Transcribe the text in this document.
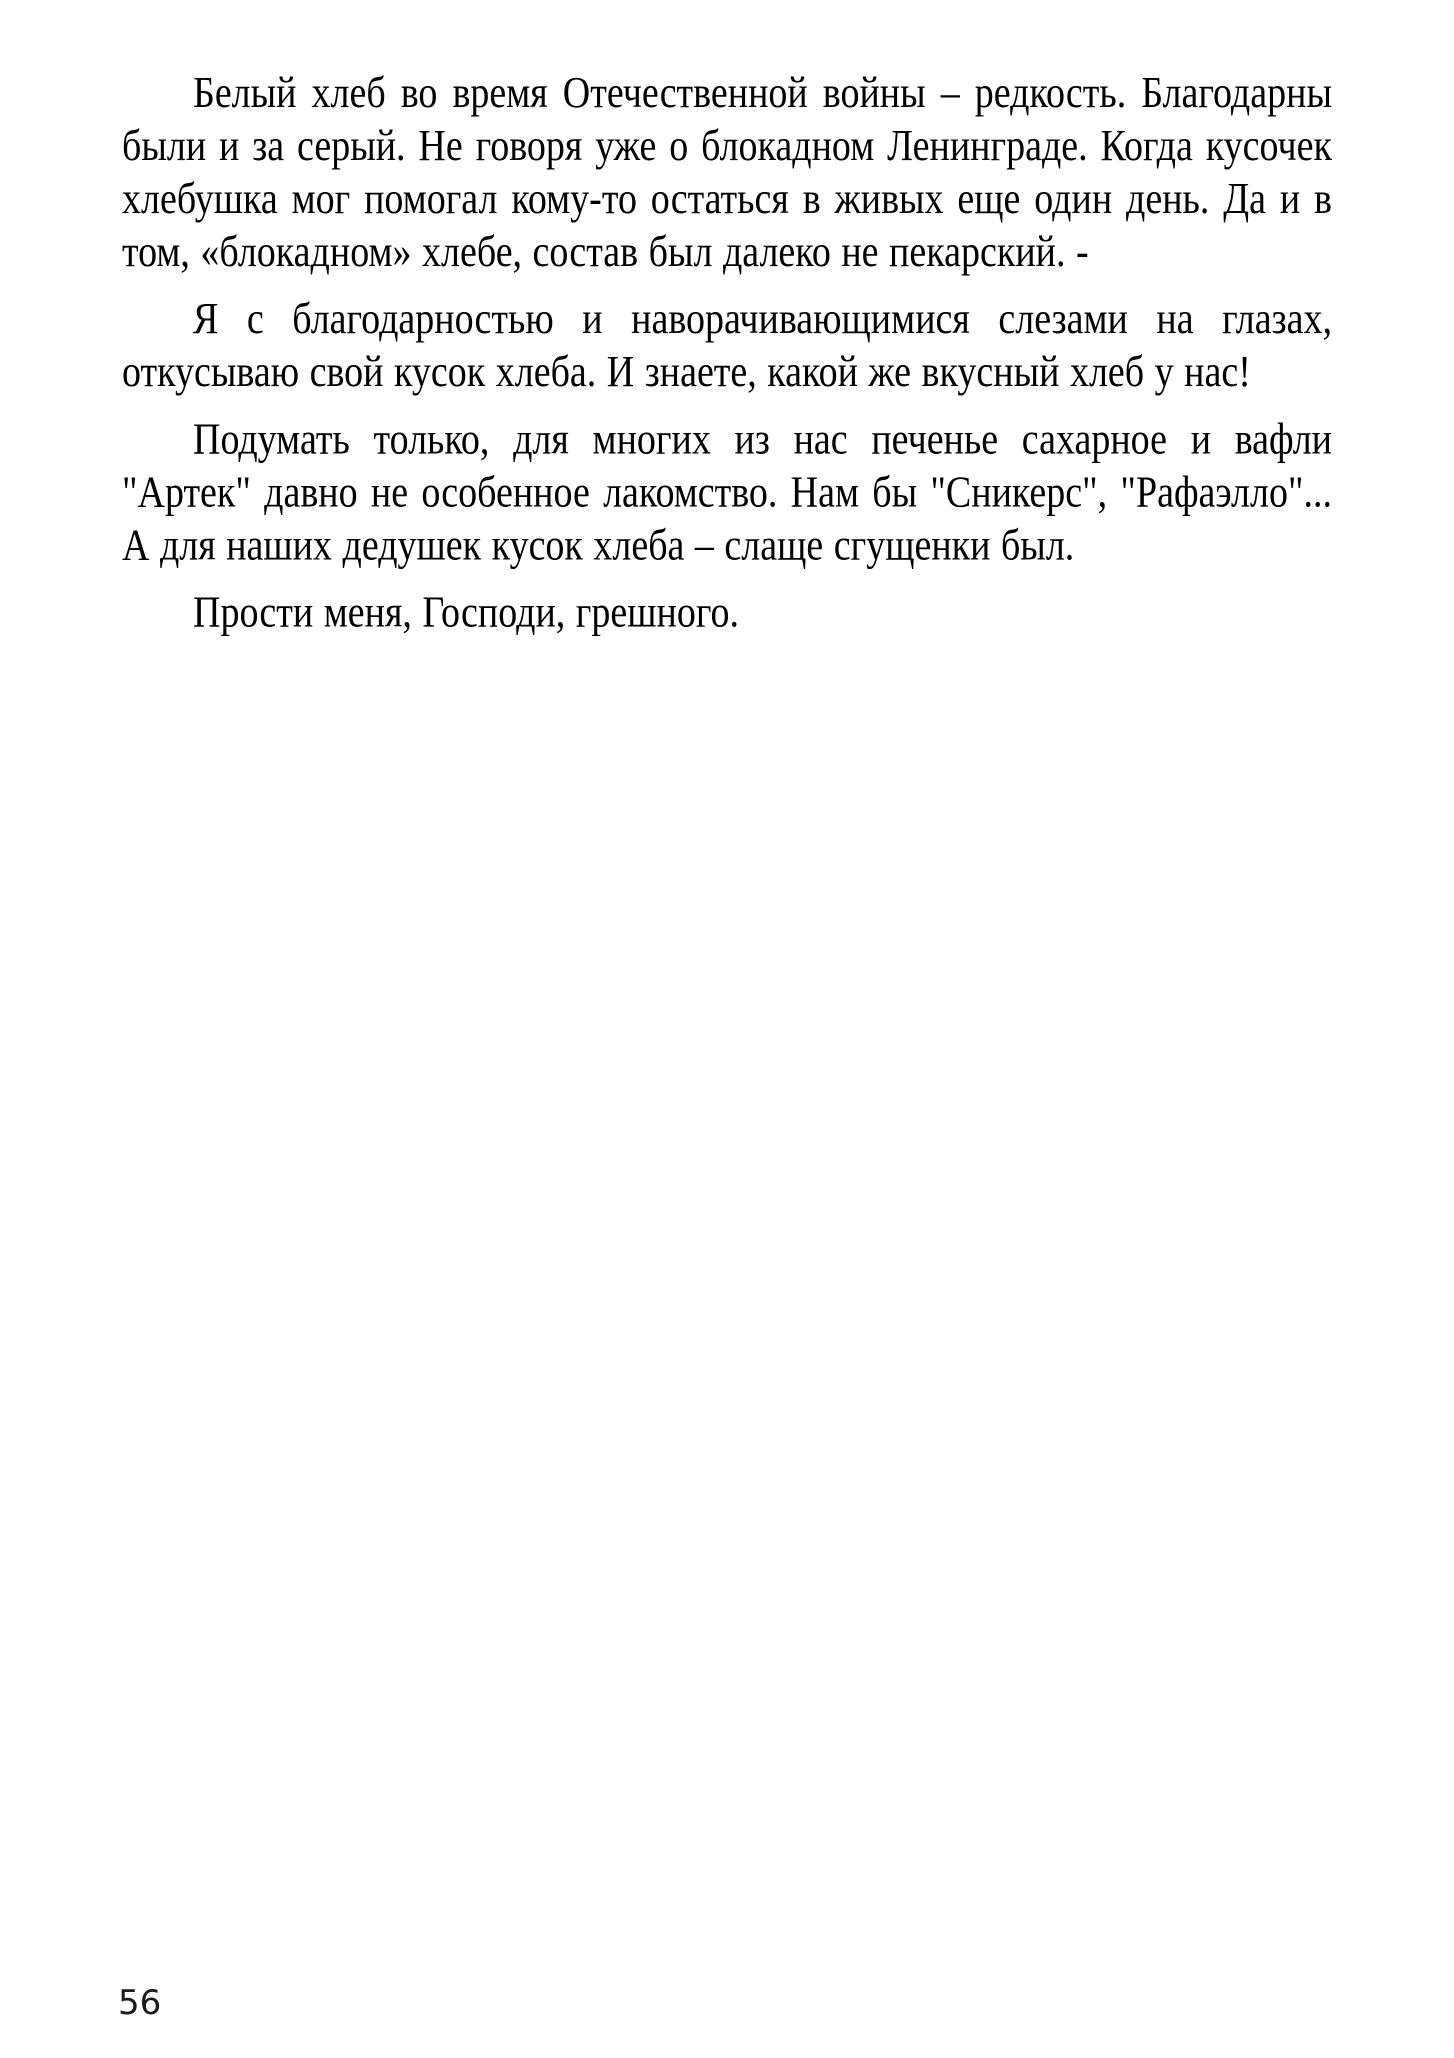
Белый хлеб во время Отечественной войны – редкость. Благодарны были и за серый. Не говоря уже о блокадном Ленинграде. Когда кусочек хлебушка мог помогал кому-то остаться в живых еще один день. Да и в том, «блокадном» хлебе, состав был далеко не пекарский. -

Я с благодарностью и наворачивающимися слезами на глазах, откусываю свой кусок хлеба. И знаете, какой же вкусный хлеб у нас!

Подумать только, для многих из нас печенье сахарное и вафли "Артек" давно не особенное лакомство. Нам бы "Сникерс", "Рафаэлло"... А для наших дедушек кусок хлеба – слаще сгущенки был.

Прости меня, Господи, грешного.

56
